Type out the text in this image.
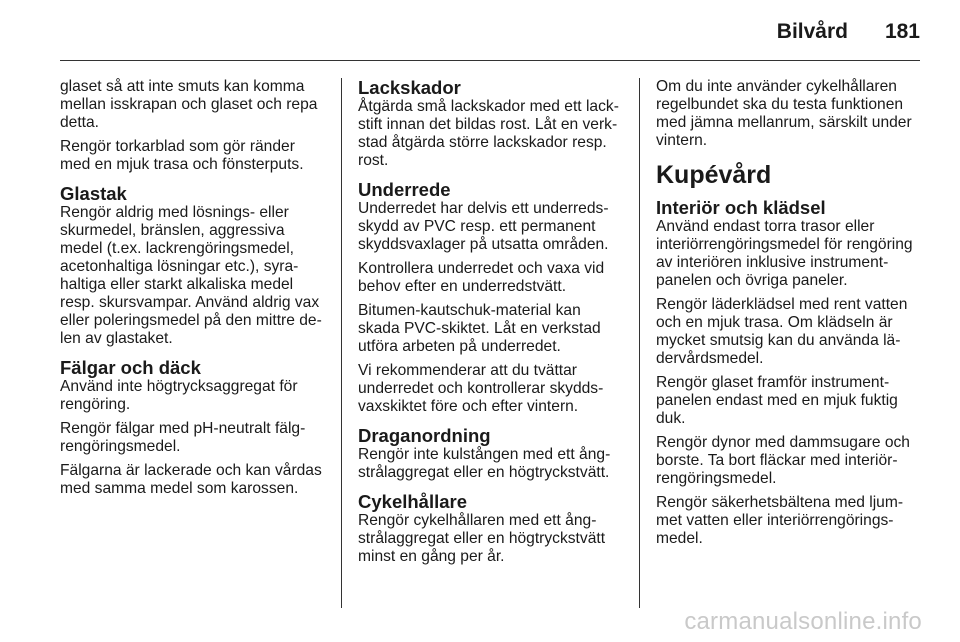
Bilvård 181

glaset så att inte smuts kan komma mellan isskrapan och glaset och repa detta.

Rengör torkarblad som gör ränder med en mjuk trasa och fönsterputs.

Glastak

Rengör aldrig med lösnings- eller skurmedel, bränslen, aggressiva medel (t.ex. lackrengöringsmedel, acetonhaltiga lösningar etc.), syrahaltiga eller starkt alkaliska medel resp. skursvampar. Använd aldrig vax eller poleringsmedel på den mittre delen av glastaket.

Fälgar och däck

Använd inte högtrycksaggregat för rengöring.

Rengör fälgar med pH-neutralt fälgrengöringsmedel.

Fälgarna är lackerade och kan vårdas med samma medel som karossen.

Lackskador

Åtgärda små lackskador med ett lackstift innan det bildas rost. Låt en verkstad åtgärda större lackskador resp. rost.

Underrede

Underredet har delvis ett underredsskydd av PVC resp. ett permanent skyddsvaxlager på utsatta områden.

Kontrollera underredet och vaxa vid behov efter en underredstvätt.

Bitumen-kautschuk-material kan skada PVC-skiktet. Låt en verkstad utföra arbeten på underredet.

Vi rekommenderar att du tvättar underredet och kontrollerar skyddsvaxskiktet före och efter vintern.

Draganordning

Rengör inte kulstången med ett ångstrålaggregat eller en högtryckstvätt.

Cykelhållare

Rengör cykelhållaren med ett ångstrålaggregat eller en högtryckstvätt minst en gång per år.

Om du inte använder cykelhållaren regelbundet ska du testa funktionen med jämna mellanrum, särskilt under vintern.

Kupévård
Interiör och klädsel

Använd endast torra trasor eller interiörrengöringsmedel för rengöring av interiören inklusive instrumentpanelen och övriga paneler.

Rengör läderklädsel med rent vatten och en mjuk trasa. Om klädseln är mycket smutsig kan du använda lädervårdsmedel.

Rengör glaset framför instrumentpanelen endast med en mjuk fuktig duk.

Rengör dynor med dammsugare och borste. Ta bort fläckar med interiörrengöringsmedel.

Rengör säkerhetsbältena med ljummet vatten eller interiörrengöringsmedel.

carmanualsonline.info
